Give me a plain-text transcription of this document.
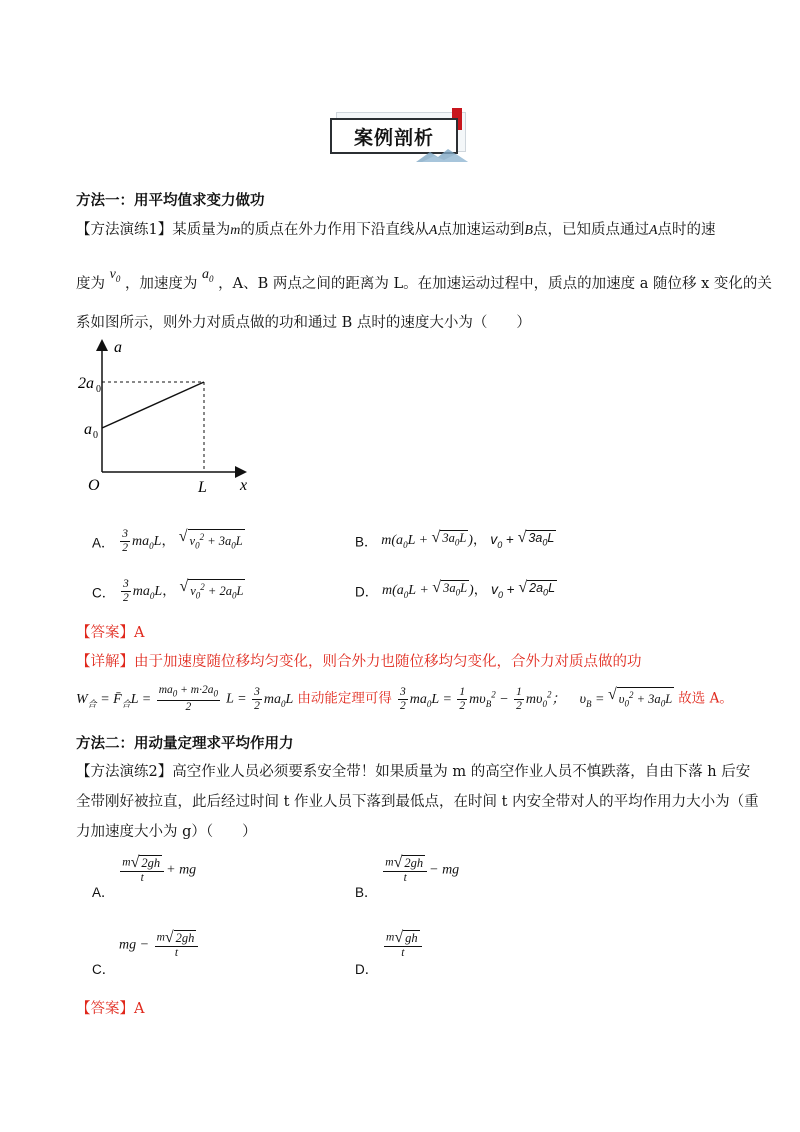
案例剖析
方法一：用平均值求变力做功
【方法演练1】某质量为m的质点在外力作用下沿直线从A点加速运动到B点，已知质点通过A点时的速
度为 $v_0$ ，加速度为 $a_0$ ，A、B 两点之间的距离为 L。在加速运动过程中，质点的加速度 a 随位移 x 变化的关
系如图所示，则外力对质点做的功和通过 B 点时的速度大小为（　　）
a
x
O	L
2a 0
a 0
A． $\frac{3}{2} ma_0L$， √ $v_0^2 + 3a_0L$	B． $m(a_0L$ + √ $3a_0L$ )， $v_0$ + √ $3a_0L$
C． $\frac{3}{2} ma_0L$， √ $v_0^2 + 2a_0L$	D． $m(a_0L$ + √ $3a_0L$ )， $v_0$ + √ $2a_0L$
【答案】A
【详解】由于加速度随位移均匀变化，则合外力也随位移均匀变化，合外力对质点做的功
$W_合$ = $F̄_合L = \frac{ma_0 + m\cdot 2a_0}{2}$ $L = \frac{3}{2} ma_0L$ 由动能定理可得 $\frac{3}{2} ma_0L = \frac{1}{2} m\upsilon_B^2 - \frac{1}{2} m\upsilon_0^2$； $\upsilon_B$ = √ $\upsilon_0^2 + 3a_0L$ 故选 A。
方法二：用动量定理求平均作用力
【方法演练2】高空作业人员必须要系安全带！如果质量为 m 的高空作业人员不慎跌落，自由下落 h 后安
全带刚好被拉直，此后经过时间 t 作业人员下落到最低点，在时间 t 内安全带对人的平均作用力大小为（重
力加速度大小为 g）（　　）
A．
$\frac{m √ 2gh}{t}$ + mg
B．
$\frac{m √ 2gh}{t}$ − mg
C． mg − $\frac{m √ 2gh}{t}$
D．
$\frac{m √ gh}{t}$
【答案】A
